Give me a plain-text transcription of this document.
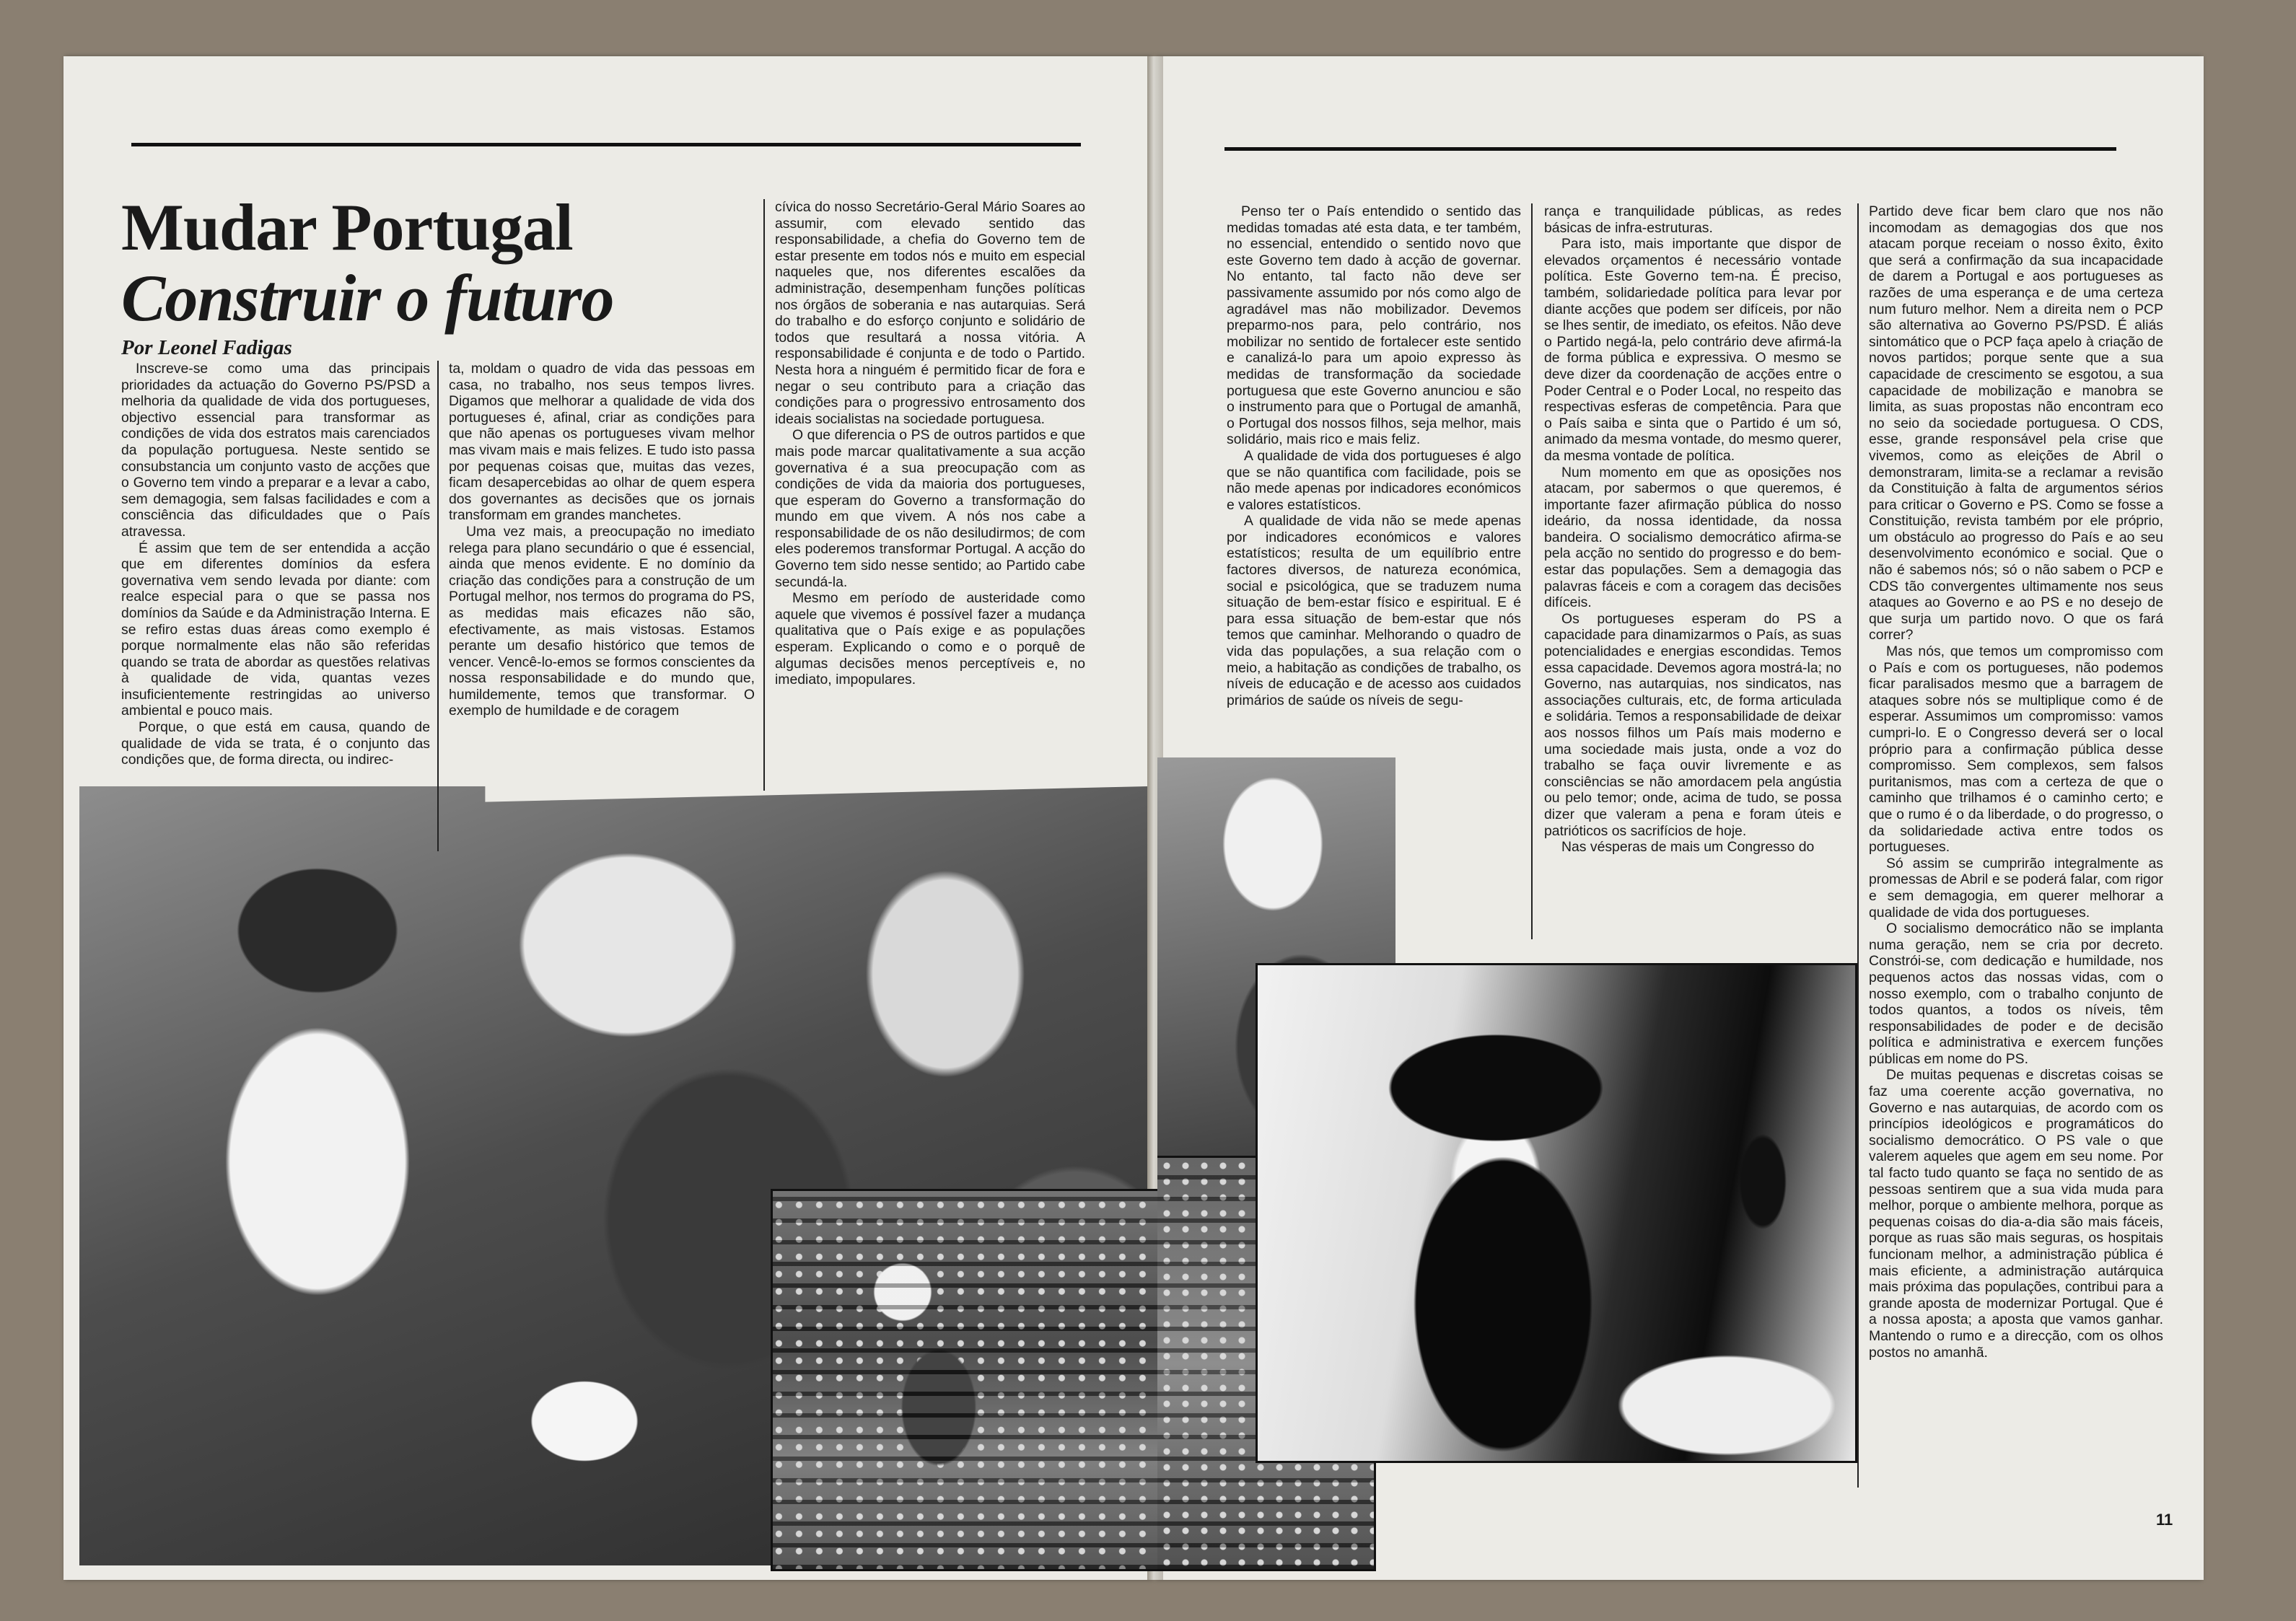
Mudar Portugal
Construir o futuro
Por Leonel Fadigas

Inscreve-se como uma das principais prioridades da actuação do Governo PS/PSD a melhoria da qualidade de vida dos portugueses, objectivo essencial para transformar as condições de vida dos estratos mais carenciados da população portuguesa. Neste sentido se consubstancia um conjunto vasto de acções que o Governo tem vindo a preparar e a levar a cabo, sem demagogia, sem falsas facilidades e com a consciência das dificuldades que o País atravessa.

É assim que tem de ser entendida a acção que em diferentes domínios da esfera governativa vem sendo levada por diante: com realce especial para o que se passa nos domínios da Saúde e da Administração Interna. E se refiro estas duas áreas como exemplo é porque normalmente elas não são referidas quando se trata de abordar as questões relativas à qualidade de vida, quantas vezes insuficientemente restringidas ao universo ambiental e pouco mais.

Porque, o que está em causa, quando de qualidade de vida se trata, é o conjunto das condições que, de forma directa, ou indirec-

ta, moldam o quadro de vida das pessoas em casa, no trabalho, nos seus tempos livres. Digamos que melhorar a qualidade de vida dos portugueses é, afinal, criar as condições para que não apenas os portugueses vivam melhor mas vivam mais e mais felizes. E tudo isto passa por pequenas coisas que, muitas das vezes, ficam desapercebidas ao olhar de quem espera dos governantes as decisões que os jornais transformam em grandes manchetes.

Uma vez mais, a preocupação no imediato relega para plano secundário o que é essencial, ainda que menos evidente. E no domínio da criação das condições para a construção de um Portugal melhor, nos termos do programa do PS, as medidas mais eficazes não são, efectivamente, as mais vistosas. Estamos perante um desafio histórico que temos de vencer. Vencê-lo-emos se formos conscientes da nossa responsabilidade e do mundo que, humildemente, temos que transformar. O exemplo de humildade e de coragem

cívica do nosso Secretário-Geral Mário Soares ao assumir, com elevado sentido das responsabilidade, a chefia do Governo tem de estar presente em todos nós e muito em especial naqueles que, nos diferentes escalões da administração, desempenham funções políticas nos órgãos de soberania e nas autarquias. Será do trabalho e do esforço conjunto e solidário de todos que resultará a nossa vitória. A responsabilidade é conjunta e de todo o Partido. Nesta hora a ninguém é permitido ficar de fora e negar o seu contributo para a criação das condições para o progressivo entrosamento dos ideais socialistas na sociedade portuguesa.

O que diferencia o PS de outros partidos e que mais pode marcar qualitativamente a sua acção governativa é a sua preocupação com as condições de vida da maioria dos portugueses, que esperam do Governo a transformação do mundo em que vivem. A nós nos cabe a responsabilidade de os não desiludirmos; de com eles poderemos transformar Portugal. A acção do Governo tem sido nesse sentido; ao Partido cabe secundá-la.

Mesmo em período de austeridade como aquele que vivemos é possível fazer a mudança qualitativa que o País exige e as populações esperam. Explicando o como e o porquê de algumas decisões menos perceptíveis e, no imediato, impopulares.

Penso ter o País entendido o sentido das medidas tomadas até esta data, e ter também, no essencial, entendido o sentido novo que este Governo tem dado à acção de governar. No entanto, tal facto não deve ser passivamente assumido por nós como algo de agradável mas não mobilizador. Devemos preparmo-nos para, pelo contrário, nos mobilizar no sentido de fortalecer este sentido e canalizá-lo para um apoio expresso às medidas de transformação da sociedade portuguesa que este Governo anunciou e são o instrumento para que o Portugal de amanhã, o Portugal dos nossos filhos, seja melhor, mais solidário, mais rico e mais feliz.

A qualidade de vida dos portugueses é algo que se não quantifica com facilidade, pois se não mede apenas por indicadores económicos e valores estatísticos.

A qualidade de vida não se mede apenas por indicadores económicos e valores estatísticos; resulta de um equilíbrio entre factores diversos, de natureza económica, social e psicológica, que se traduzem numa situação de bem-estar físico e espiritual. E é para essa situação de bem-estar que nós temos que caminhar. Melhorando o quadro de vida das populações, a sua relação com o meio, a habitação as condições de trabalho, os níveis de educação e de acesso aos cuidados primários de saúde os níveis de segu-

rança e tranquilidade públicas, as redes básicas de infra-estruturas.

Para isto, mais importante que dispor de elevados orçamentos é necessário vontade política. Este Governo tem-na. É preciso, também, solidariedade política para levar por diante acções que podem ser difíceis, por não se lhes sentir, de imediato, os efeitos. Não deve o Partido negá-la, pelo contrário deve afirmá-la de forma pública e expressiva. O mesmo se deve dizer da coordenação de acções entre o Poder Central e o Poder Local, no respeito das respectivas esferas de competência. Para que o País saiba e sinta que o Partido é um só, animado da mesma vontade, do mesmo querer, da mesma vontade de política.

Num momento em que as oposições nos atacam, por sabermos o que queremos, é importante fazer afirmação pública do nosso ideário, da nossa identidade, da nossa bandeira. O socialismo democrático afirma-se pela acção no sentido do progresso e do bem-estar das populações. Sem a demagogia das palavras fáceis e com a coragem das decisões difíceis.

Os portugueses esperam do PS a capacidade para dinamizarmos o País, as suas potencialidades e energias escondidas. Temos essa capacidade. Devemos agora mostrá-la; no Governo, nas autarquias, nos sindicatos, nas associações culturais, etc, de forma articulada e solidária. Temos a responsabilidade de deixar aos nossos filhos um País mais moderno e uma sociedade mais justa, onde a voz do trabalho se faça ouvir livremente e as consciências se não amordacem pela angústia ou pelo temor; onde, acima de tudo, se possa dizer que valeram a pena e foram úteis e patrióticos os sacrifícios de hoje.

Nas vésperas de mais um Congresso do

Partido deve ficar bem claro que nos não incomodam as demagogias dos que nos atacam porque receiam o nosso êxito, êxito que será a confirmação da sua incapacidade de darem a Portugal e aos portugueses as razões de uma esperança e de uma certeza num futuro melhor. Nem a direita nem o PCP são alternativa ao Governo PS/PSD. É aliás sintomático que o PCP faça apelo à criação de novos partidos; porque sente que a sua capacidade de crescimento se esgotou, a sua capacidade de mobilização e manobra se limita, as suas propostas não encontram eco no seio da sociedade portuguesa. O CDS, esse, grande responsável pela crise que vivemos, como as eleições de Abril o demonstraram, limita-se a reclamar a revisão da Constituição à falta de argumentos sérios para criticar o Governo e PS. Como se fosse a Constituição, revista também por ele próprio, um obstáculo ao progresso do País e ao seu desenvolvimento económico e social. Que o não é sabemos nós; só o não sabem o PCP e CDS tão convergentes ultimamente nos seus ataques ao Governo e ao PS e no desejo de que surja um partido novo. O que os fará correr?

Mas nós, que temos um compromisso com o País e com os portugueses, não podemos ficar paralisados mesmo que a barragem de ataques sobre nós se multiplique como é de esperar. Assumimos um compromisso: vamos cumpri-lo. E o Congresso deverá ser o local próprio para a confirmação pública desse compromisso. Sem complexos, sem falsos puritanismos, mas com a certeza de que o caminho que trilhamos é o caminho certo; e que o rumo é o da liberdade, o do progresso, o da solidariedade activa entre todos os portugueses.

Só assim se cumprirão integralmente as promessas de Abril e se poderá falar, com rigor e sem demagogia, em querer melhorar a qualidade de vida dos portugueses.

O socialismo democrático não se implanta numa geração, nem se cria por decreto. Constrói-se, com dedicação e humildade, nos pequenos actos das nossas vidas, com o nosso exemplo, com o trabalho conjunto de todos quantos, a todos os níveis, têm responsabilidades de poder e de decisão política e administrativa e exercem funções públicas em nome do PS.

De muitas pequenas e discretas coisas se faz uma coerente acção governativa, no Governo e nas autarquias, de acordo com os princípios ideológicos e programáticos do socialismo democrático. O PS vale o que valerem aqueles que agem em seu nome. Por tal facto tudo quanto se faça no sentido de as pessoas sentirem que a sua vida muda para melhor, porque o ambiente melhora, porque as pequenas coisas do dia-a-dia são mais fáceis, porque as ruas são mais seguras, os hospitais funcionam melhor, a administração pública é mais eficiente, a administração autárquica mais próxima das populações, contribui para a grande aposta de modernizar Portugal. Que é a nossa aposta; a aposta que vamos ganhar. Mantendo o rumo e a direcção, com os olhos postos no amanhã.

11
